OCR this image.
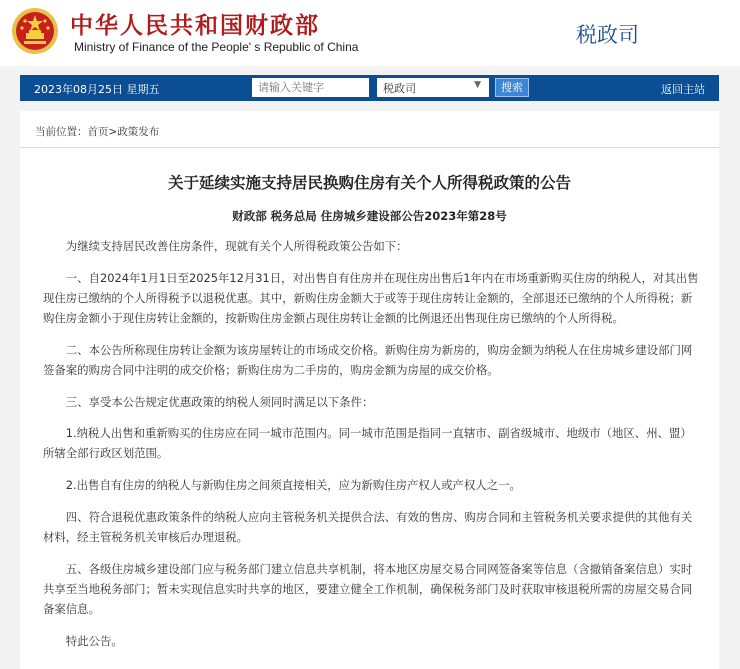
中华人民共和国财政部
Ministry of Finance of the People' s Republic of China	税政司
2023年08月25日 星期五
请输入关键字	税政司	▼	搜索	返回主站
当前位置：首页>政策发布
关于延续实施支持居民换购住房有关个人所得税政策的公告
财政部 税务总局 住房城乡建设部公告2023年第28号

为继续支持居民改善住房条件，现就有关个人所得税政策公告如下：

一、自2024年1月1日至2025年12月31日，对出售自有住房并在现住房出售后1年内在市场重新购买住房的纳税人，对其出售现住房已缴纳的个人所得税予以退税优惠。其中，新购住房金额大于或等于现住房转让金额的，全部退还已缴纳的个人所得税；新购住房金额小于现住房转让金额的，按新购住房金额占现住房转让金额的比例退还出售现住房已缴纳的个人所得税。

二、本公告所称现住房转让金额为该房屋转让的市场成交价格。新购住房为新房的，购房金额为纳税人在住房城乡建设部门网签备案的购房合同中注明的成交价格；新购住房为二手房的，购房金额为房屋的成交价格。

三、享受本公告规定优惠政策的纳税人须同时满足以下条件：

1.纳税人出售和重新购买的住房应在同一城市范围内。同一城市范围是指同一直辖市、副省级城市、地级市（地区、州、盟）所辖全部行政区划范围。

2.出售自有住房的纳税人与新购住房之间须直接相关，应为新购住房产权人或产权人之一。

四、符合退税优惠政策条件的纳税人应向主管税务机关提供合法、有效的售房、购房合同和主管税务机关要求提供的其他有关材料，经主管税务机关审核后办理退税。

五、各级住房城乡建设部门应与税务部门建立信息共享机制，将本地区房屋交易合同网签备案等信息（含撤销备案信息）实时共享至当地税务部门；暂未实现信息实时共享的地区，要建立健全工作机制，确保税务部门及时获取审核退税所需的房屋交易合同备案信息。

特此公告。
